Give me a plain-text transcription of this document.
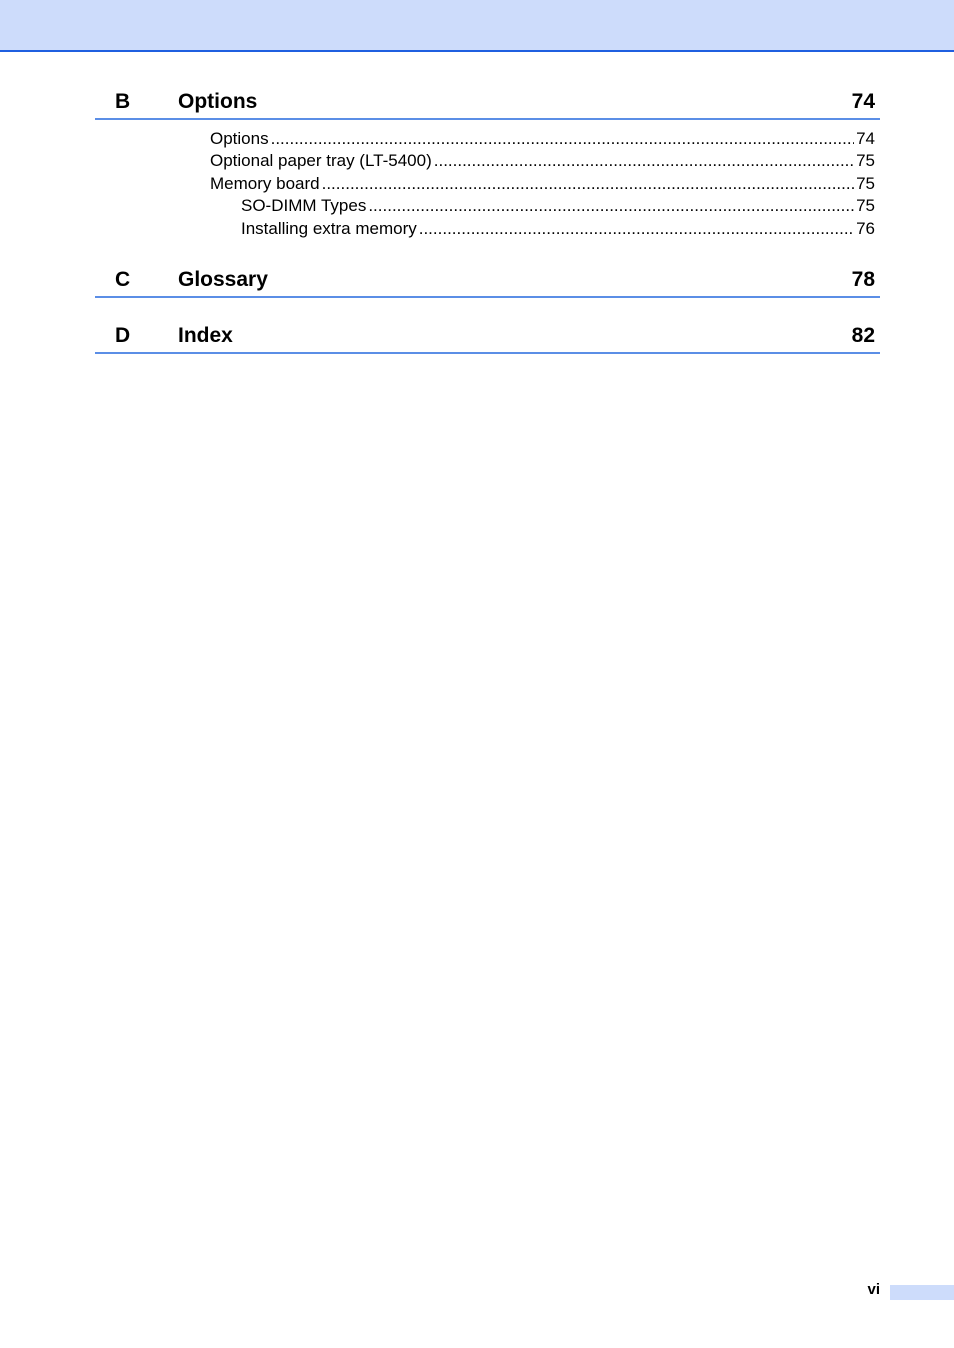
B Options	74
Options .....	74
Optional paper tray (LT-5400) .....	75
Memory board .....	75
SO-DIMM Types .....	75
Installing extra memory .....	76
C Glossary	78
D Index	82
vi
